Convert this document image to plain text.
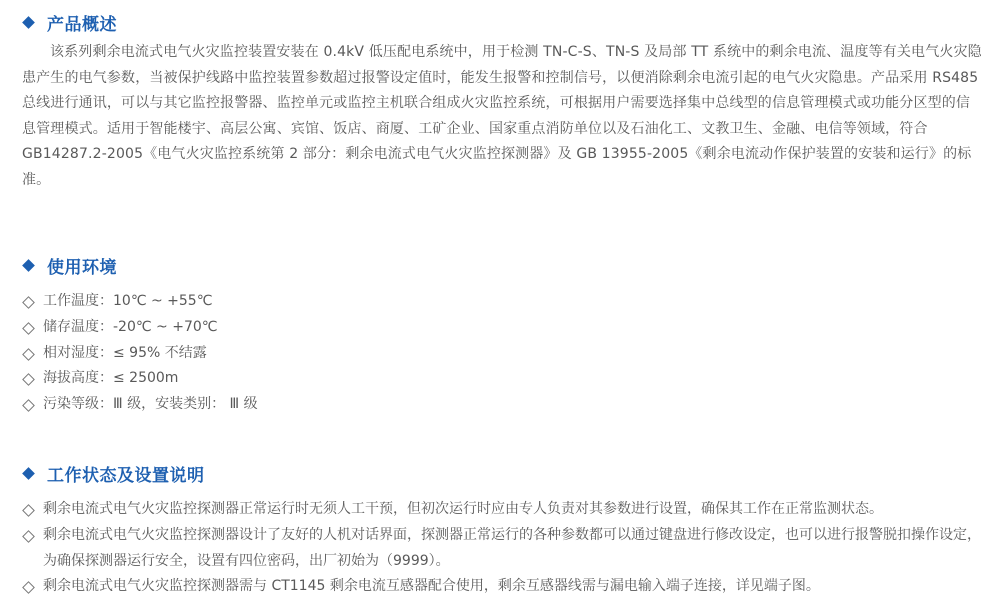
产品概述

该系列剩余电流式电气火灾监控装置安装在 0.4kV 低压配电系统中，用于检测 TN-C-S、TN-S 及局部 TT 系统中的剩余电流、温度等有关电气火灾隐患产生的电气参数，当被保护线路中监控装置参数超过报警设定值时，能发生报警和控制信号，以便消除剩余电流引起的电气火灾隐患。产品采用 RS485 总线进行通讯，可以与其它监控报警器、监控单元或监控主机联合组成火灾监控系统，可根据用户需要选择集中总线型的信息管理模式或功能分区型的信息管理模式。适用于智能楼宇、高层公寓、宾馆、饭店、商厦、工矿企业、国家重点消防单位以及石油化工、文教卫生、金融、电信等领域，符合 GB14287.2-2005《电气火灾监控系统第 2 部分：剩余电流式电气火灾监控探测器》及 GB 13955-2005《剩余电流动作保护装置的安装和运行》的标准。

使用环境
工作温度：10℃ ~ +55℃
储存温度：-20℃ ~ +70℃
相对湿度：≤ 95% 不结露
海拔高度：≤ 2500m
污染等级：Ⅲ 级，安装类别： Ⅲ 级
工作状态及设置说明
剩余电流式电气火灾监控探测器正常运行时无须人工干预，但初次运行时应由专人负责对其参数进行设置，确保其工作在正常监测状态。
剩余电流式电气火灾监控探测器设计了友好的人机对话界面，探测器正常运行的各种参数都可以通过键盘进行修改设定，也可以进行报警脱扣操作设定，为确保探测器运行安全，设置有四位密码，出厂初始为（9999）。
剩余电流式电气火灾监控探测器需与 CT1145 剩余电流互感器配合使用，剩余互感器线需与漏电输入端子连接，详见端子图。
